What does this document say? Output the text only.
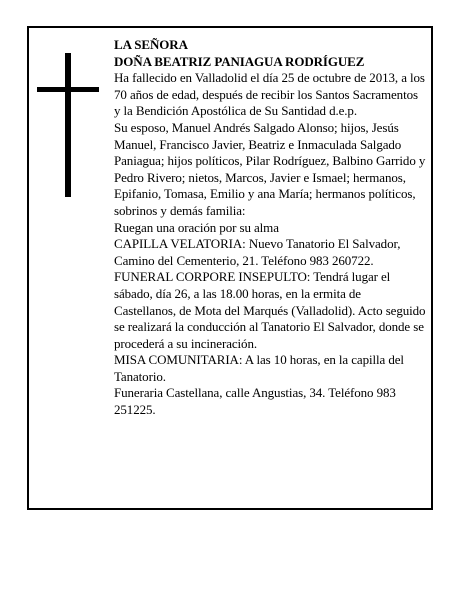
LA SEÑORA

DOÑA BEATRIZ PANIAGUA RODRÍGUEZ

Ha fallecido en Valladolid el día 25 de octubre de 2013, a los 70 años de edad, después de recibir los Santos Sacramentos y la Bendición Apostólica de Su Santidad d.e.p.

Su esposo, Manuel Andrés Salgado Alonso; hijos, Jesús Manuel, Francisco Javier, Beatriz e Inmaculada Salgado Paniagua; hijos políticos, Pilar Rodríguez, Balbino Garrido y Pedro Rivero; nietos, Marcos, Javier e Ismael; hermanos, Epifanio, Tomasa, Emilio y ana María; hermanos políticos, sobrinos y demás familia:

Ruegan una oración por su alma

CAPILLA VELATORIA: Nuevo Tanatorio El Salvador, Camino del Cementerio, 21. Teléfono 983 260722.

FUNERAL CORPORE INSEPULTO: Tendrá lugar el sábado, día 26, a las 18.00 horas, en la ermita de Castellanos, de Mota del Marqués (Valladolid). Acto seguido se realizará la conducción al Tanatorio El Salvador, donde se procederá a su incineración.

MISA COMUNITARIA: A las 10 horas, en la capilla del Tanatorio.

Funeraria Castellana, calle Angustias, 34. Teléfono 983 251225.
